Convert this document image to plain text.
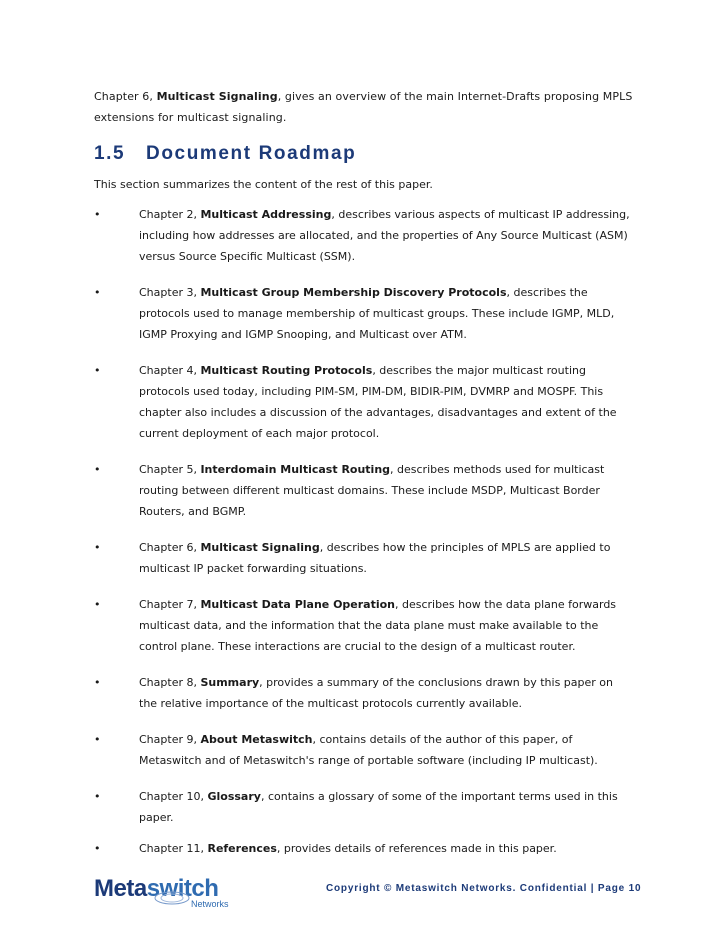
Chapter 6, Multicast Signaling, gives an overview of the main Internet-Drafts proposing MPLS extensions for multicast signaling.

1.5 Document Roadmap

This section summarizes the content of the rest of this paper.

•	Chapter 2, Multicast Addressing, describes various aspects of multicast IP addressing, including how addresses are allocated, and the properties of Any Source Multicast (ASM) versus Source Specific Multicast (SSM).
•	Chapter 3, Multicast Group Membership Discovery Protocols, describes the protocols used to manage membership of multicast groups. These include IGMP, MLD, IGMP Proxying and IGMP Snooping, and Multicast over ATM.
•	Chapter 4, Multicast Routing Protocols, describes the major multicast routing protocols used today, including PIM-SM, PIM-DM, BIDIR-PIM, DVMRP and MOSPF. This chapter also includes a discussion of the advantages, disadvantages and extent of the current deployment of each major protocol.
•	Chapter 5, Interdomain Multicast Routing, describes methods used for multicast routing between different multicast domains. These include MSDP, Multicast Border Routers, and BGMP.
•	Chapter 6, Multicast Signaling, describes how the principles of MPLS are applied to multicast IP packet forwarding situations.
•	Chapter 7, Multicast Data Plane Operation, describes how the data plane forwards multicast data, and the information that the data plane must make available to the control plane. These interactions are crucial to the design of a multicast router.
•	Chapter 8, Summary, provides a summary of the conclusions drawn by this paper on the relative importance of the multicast protocols currently available.
•	Chapter 9, About Metaswitch, contains details of the author of this paper, of Metaswitch and of Metaswitch's range of portable software (including IP multicast).
•	Chapter 10, Glossary, contains a glossary of some of the important terms used in this paper.
•	Chapter 11, References, provides details of references made in this paper.
Metaswitch
Networks
Copyright © Metaswitch Networks. Confidential | Page 10
